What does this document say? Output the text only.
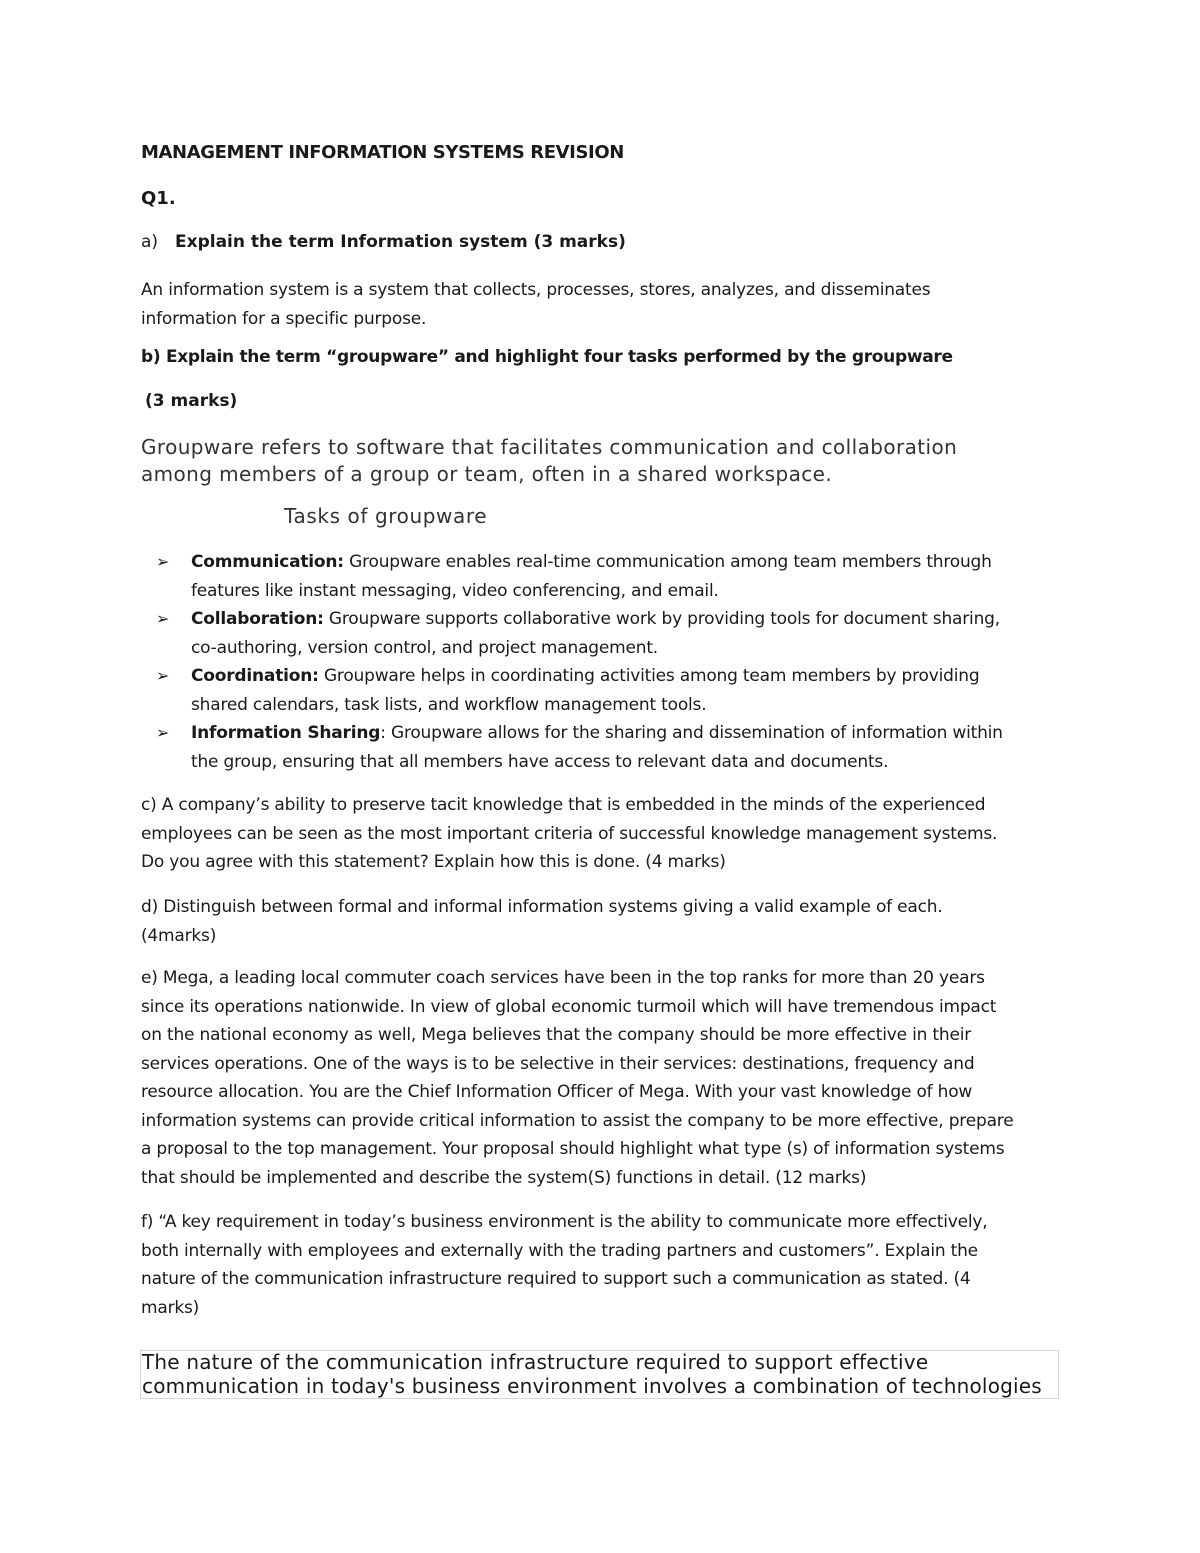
MANAGEMENT INFORMATION SYSTEMS REVISION
Q1.
a) Explain the term Information system (3 marks)
An information system is a system that collects, processes, stores, analyzes, and disseminates
information for a specific purpose.
b) Explain the term “groupware” and highlight four tasks performed by the groupware
(3 marks)
Groupware refers to software that facilitates communication and collaboration
among members of a group or team, often in a shared workspace.
Tasks of groupware
➢ Communication: Groupware enables real-time communication among team members through
features like instant messaging, video conferencing, and email.
➢ Collaboration: Groupware supports collaborative work by providing tools for document sharing,
co-authoring, version control, and project management.
➢ Coordination: Groupware helps in coordinating activities among team members by providing
shared calendars, task lists, and workflow management tools.
➢ Information Sharing: Groupware allows for the sharing and dissemination of information within
the group, ensuring that all members have access to relevant data and documents.
c) A company’s ability to preserve tacit knowledge that is embedded in the minds of the experienced
employees can be seen as the most important criteria of successful knowledge management systems.
Do you agree with this statement? Explain how this is done. (4 marks)
d) Distinguish between formal and informal information systems giving a valid example of each.
(4marks)
e) Mega, a leading local commuter coach services have been in the top ranks for more than 20 years
since its operations nationwide. In view of global economic turmoil which will have tremendous impact
on the national economy as well, Mega believes that the company should be more effective in their
services operations. One of the ways is to be selective in their services: destinations, frequency and
resource allocation. You are the Chief Information Officer of Mega. With your vast knowledge of how
information systems can provide critical information to assist the company to be more effective, prepare
a proposal to the top management. Your proposal should highlight what type (s) of information systems
that should be implemented and describe the system(S) functions in detail. (12 marks)
f) “A key requirement in today’s business environment is the ability to communicate more effectively,
both internally with employees and externally with the trading partners and customers”. Explain the
nature of the communication infrastructure required to support such a communication as stated. (4
marks)
The nature of the communication infrastructure required to support effective
communication in today's business environment involves a combination of technologies
